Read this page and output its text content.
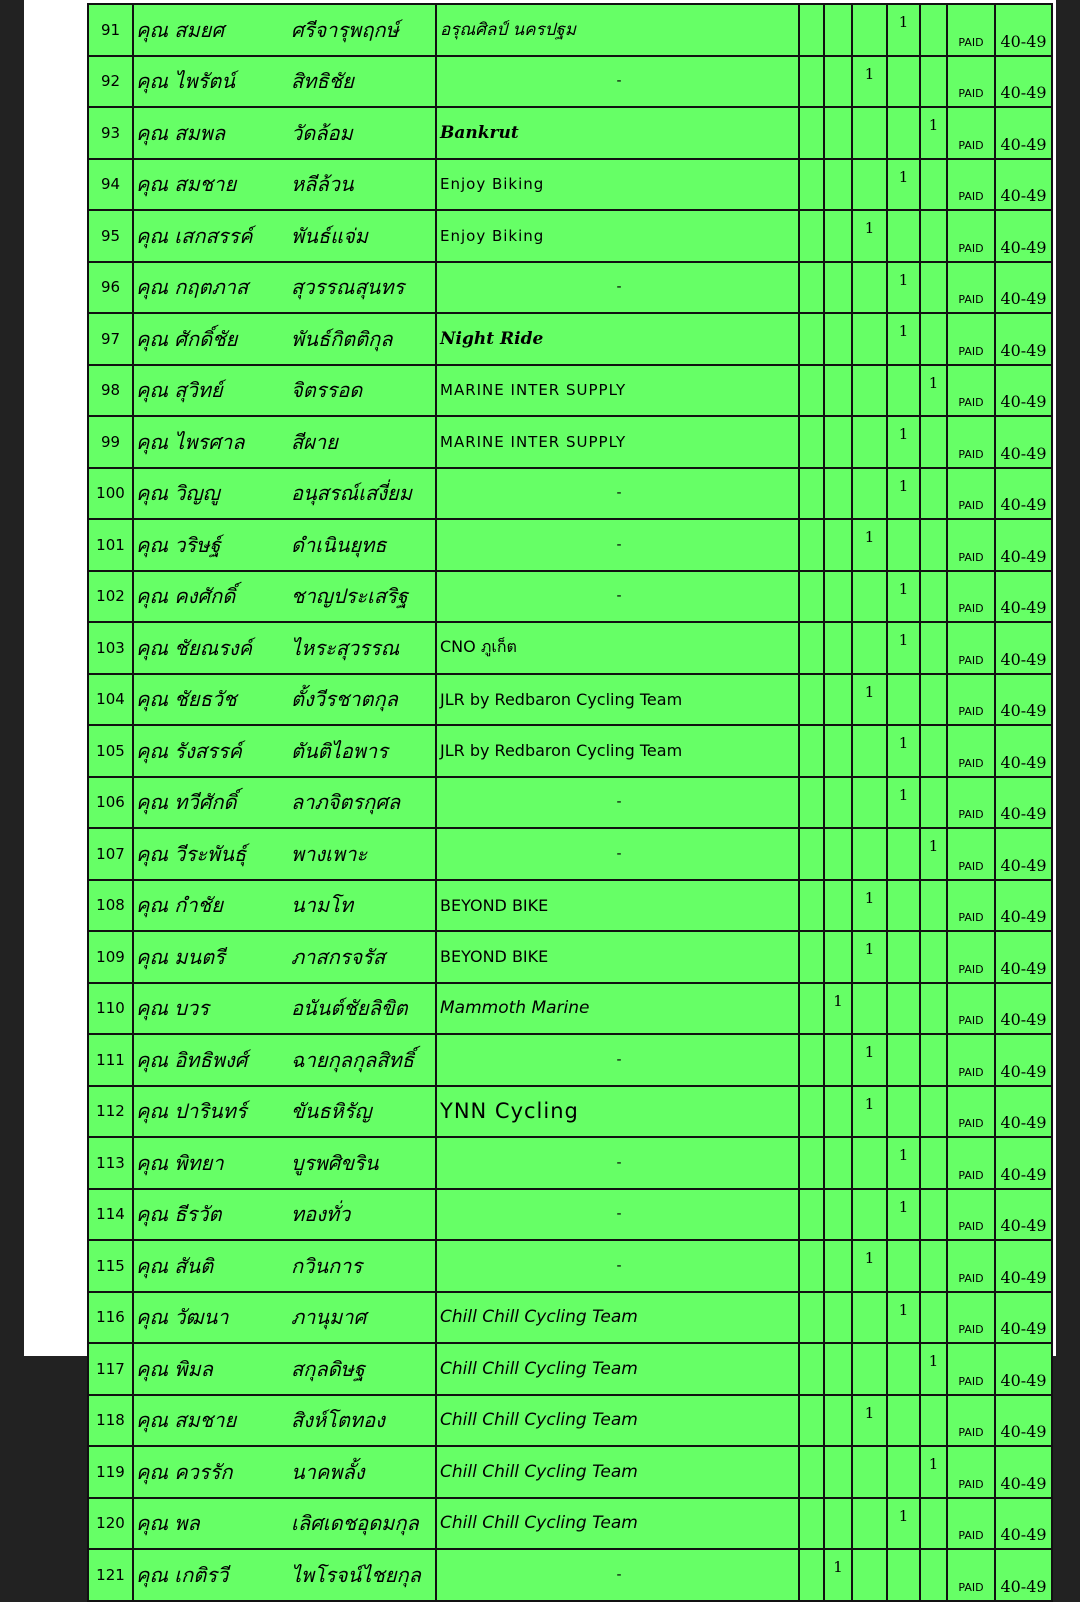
91	คุณ สมยศ	ศรีจารุพฤกษ์	อรุณศิลป์ นครปฐม				1		PAID	40-49
92	คุณ ไพรัตน์	สิทธิชัย	-			1			PAID	40-49
93	คุณ สมพล	วัดล้อม	Bankrut					1	PAID	40-49
94	คุณ สมชาย	หลีล้วน	Enjoy Biking				1		PAID	40-49
95	คุณ เสกสรรค์	พันธ์แจ่ม	Enjoy Biking			1			PAID	40-49
96	คุณ กฤตภาส	สุวรรณสุนทร	-				1		PAID	40-49
97	คุณ ศักดิ์ชัย	พันธ์กิตติกุล	Night Ride				1		PAID	40-49
98	คุณ สุวิทย์	จิตรรอด	MARINE INTER SUPPLY					1	PAID	40-49
99	คุณ ไพรศาล	สีผาย	MARINE INTER SUPPLY				1		PAID	40-49
100	คุณ วิญญู	อนุสรณ์เสงี่ยม	-				1		PAID	40-49
101	คุณ วริษฐ์	ดำเนินยุทธ	-			1			PAID	40-49
102	คุณ คงศักดิ์	ชาญประเสริฐ	-				1		PAID	40-49
103	คุณ ชัยณรงค์	ไหระสุวรรณ	CNO ภูเก็ต				1		PAID	40-49
104	คุณ ชัยธวัช	ตั้งวีรชาตกุล	JLR by Redbaron Cycling Team			1			PAID	40-49
105	คุณ รังสรรค์	ตันติไอพาร	JLR by Redbaron Cycling Team				1		PAID	40-49
106	คุณ ทวีศักดิ์	ลาภจิตรกุศล	-				1		PAID	40-49
107	คุณ วีระพันธุ์	พางเพาะ	-					1	PAID	40-49
108	คุณ กำชัย	นามโท	BEYOND BIKE			1			PAID	40-49
109	คุณ มนตรี	ภาสกรจรัส	BEYOND BIKE			1			PAID	40-49
110	คุณ บวร	อนันต์ชัยลิขิต	Mammoth Marine		1				PAID	40-49
111	คุณ อิทธิพงศ์	ฉายกุลกุลสิทธิ์	-			1			PAID	40-49
112	คุณ ปารินทร์	ขันธหิรัญ	YNN Cycling			1			PAID	40-49
113	คุณ พิทยา	บูรพศิขริน	-				1		PAID	40-49
114	คุณ ธีรวัต	ทองทั่ว	-				1		PAID	40-49
115	คุณ สันติ	กวินการ	-			1			PAID	40-49
116	คุณ วัฒนา	ภานุมาศ	Chill Chill Cycling Team				1		PAID	40-49
117	คุณ พิมล	สกุลดิษฐ	Chill Chill Cycling Team					1	PAID	40-49
118	คุณ สมชาย	สิงห์โตทอง	Chill Chill Cycling Team			1			PAID	40-49
119	คุณ ควรรัก	นาคพลั้ง	Chill Chill Cycling Team					1	PAID	40-49
120	คุณ พล	เลิศเดชอุดมกุล	Chill Chill Cycling Team				1		PAID	40-49
121	คุณ เกติรวี	ไพโรจน์ไชยกุล	-		1				PAID	40-49
